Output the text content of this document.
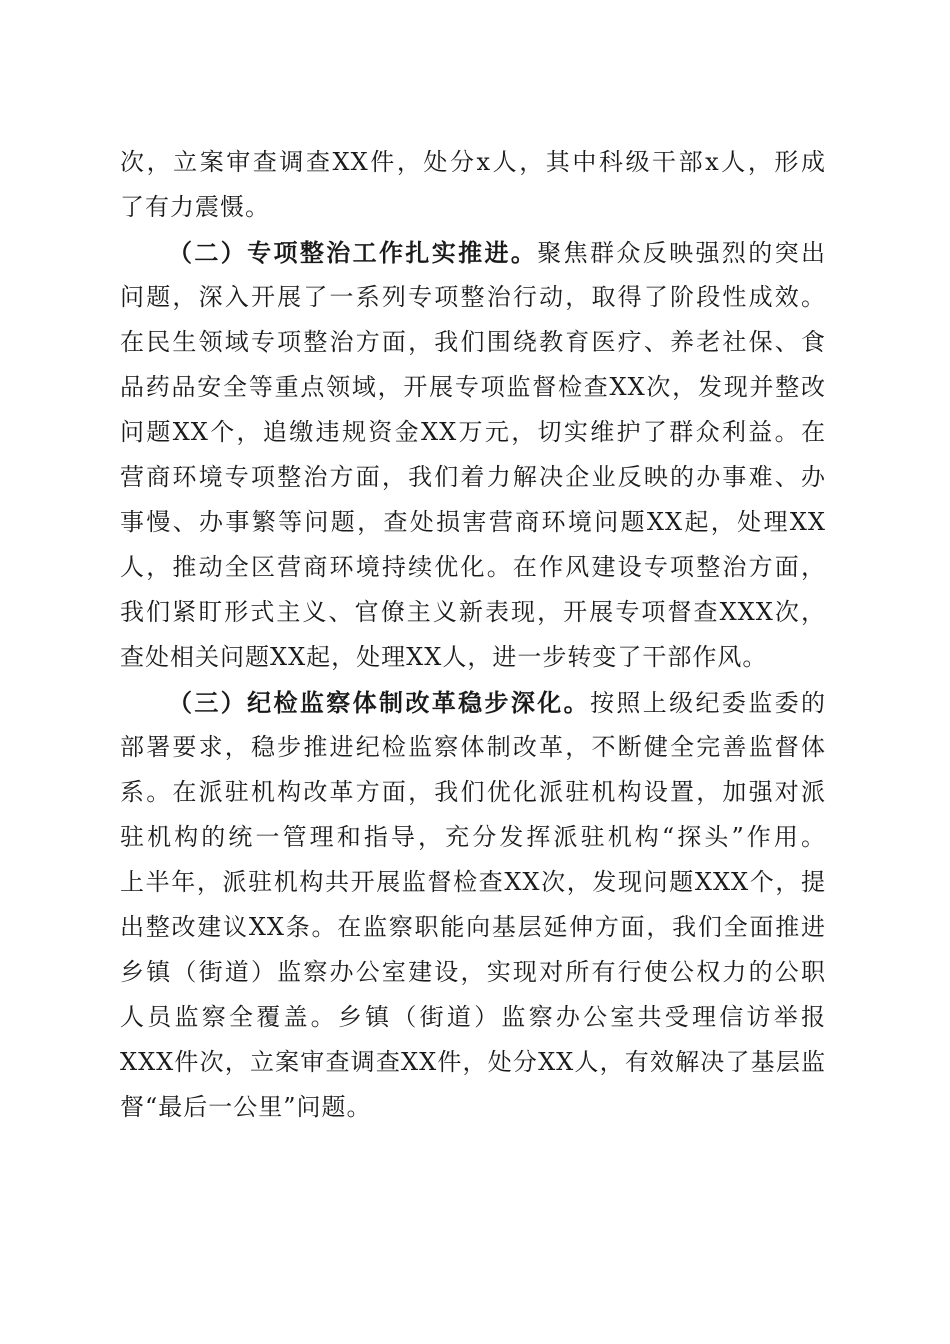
次，立案审查调查XX件，处分x人，其中科级干部x人，形成
了有力震慑。
（二）专项整治工作扎实推进。聚焦群众反映强烈的突出
问题，深入开展了一系列专项整治行动，取得了阶段性成效。
在民生领域专项整治方面，我们围绕教育医疗、养老社保、食
品药品安全等重点领域，开展专项监督检查XX次，发现并整改
问题XX个，追缴违规资金XX万元，切实维护了群众利益。在
营商环境专项整治方面，我们着力解决企业反映的办事难、办
事慢、办事繁等问题，查处损害营商环境问题XX起，处理XX
人，推动全区营商环境持续优化。在作风建设专项整治方面，
我们紧盯形式主义、官僚主义新表现，开展专项督查XXX次，
查处相关问题XX起，处理XX人，进一步转变了干部作风。
（三）纪检监察体制改革稳步深化。按照上级纪委监委的
部署要求，稳步推进纪检监察体制改革，不断健全完善监督体
系。在派驻机构改革方面，我们优化派驻机构设置，加强对派
驻机构的统一管理和指导，充分发挥派驻机构“探头”作用。
上半年，派驻机构共开展监督检查XX次，发现问题XXX个，提
出整改建议XX条。在监察职能向基层延伸方面，我们全面推进
乡镇（街道）监察办公室建设，实现对所有行使公权力的公职
人员监察全覆盖。乡镇（街道）监察办公室共受理信访举报
XXX件次，立案审查调查XX件，处分XX人，有效解决了基层监
督“最后一公里”问题。
